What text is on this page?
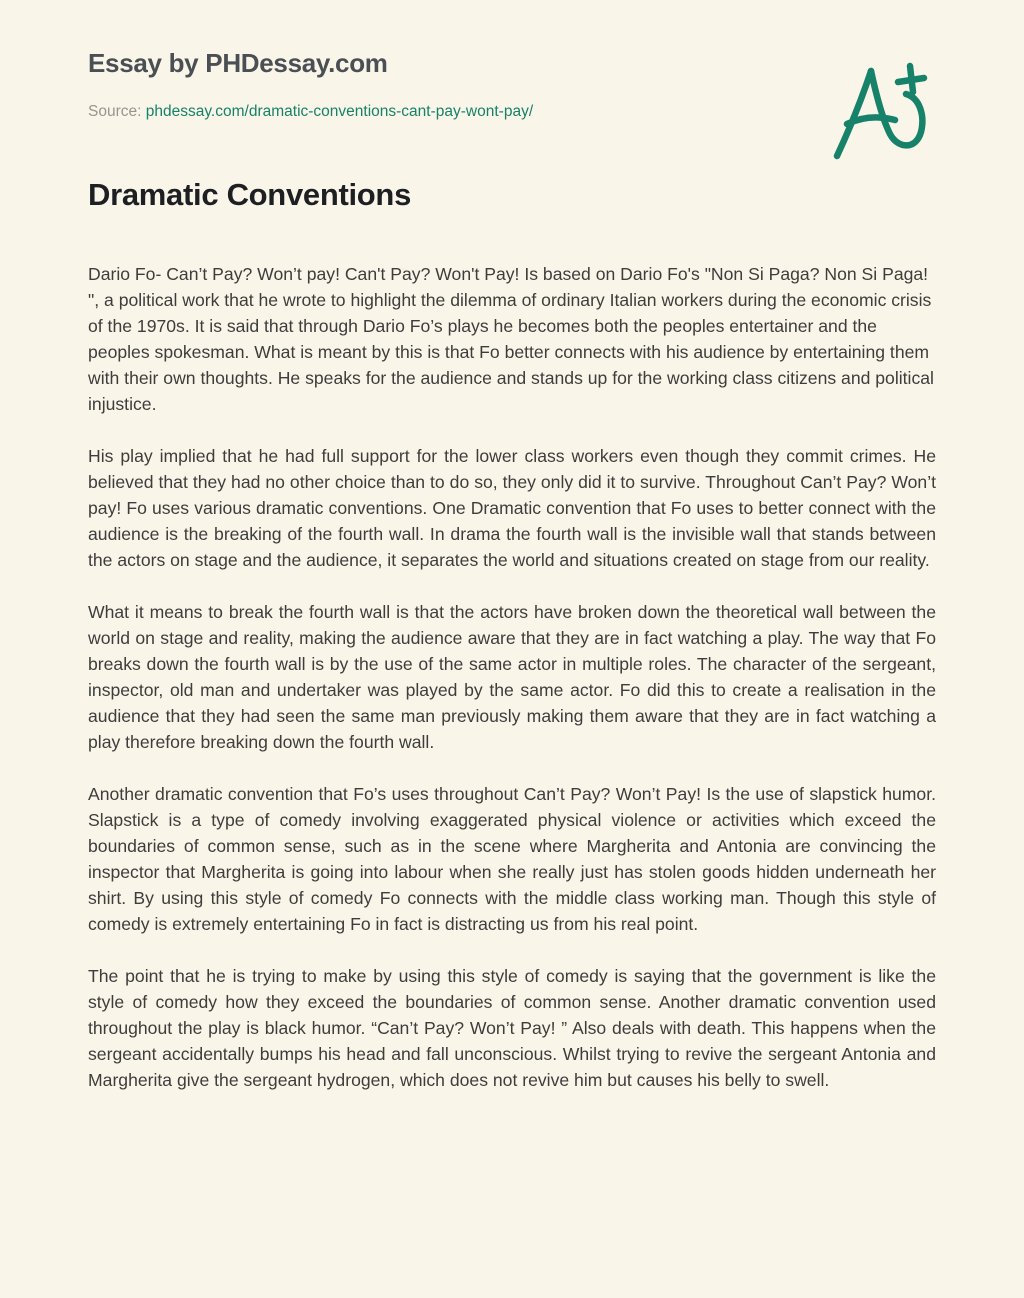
Essay by PHDessay.com
Source: phdessay.com/dramatic-conventions-cant-pay-wont-pay/
Dramatic Conventions

Dario Fo- Can’t Pay? Won’t pay! Can't Pay? Won't Pay! Is based on Dario Fo's "Non Si Paga? Non Si Paga! ", a political work that he wrote to highlight the dilemma of ordinary Italian workers during the economic crisis of the 1970s. It is said that through Dario Fo’s plays he becomes both the peoples entertainer and the peoples spokesman. What is meant by this is that Fo better connects with his audience by entertaining them with their own thoughts. He speaks for the audience and stands up for the working class citizens and political injustice.

His play implied that he had full support for the lower class workers even though they commit crimes. He believed that they had no other choice than to do so, they only did it to survive. Throughout Can’t Pay? Won’t pay! Fo uses various dramatic conventions. One Dramatic convention that Fo uses to better connect with the audience is the breaking of the fourth wall. In drama the fourth wall is the invisible wall that stands between the actors on stage and the audience, it separates the world and situations created on stage from our reality.

What it means to break the fourth wall is that the actors have broken down the theoretical wall between the world on stage and reality, making the audience aware that they are in fact watching a play. The way that Fo breaks down the fourth wall is by the use of the same actor in multiple roles. The character of the sergeant, inspector, old man and undertaker was played by the same actor. Fo did this to create a realisation in the audience that they had seen the same man previously making them aware that they are in fact watching a play therefore breaking down the fourth wall.

Another dramatic convention that Fo’s uses throughout Can’t Pay? Won’t Pay! Is the use of slapstick humor. Slapstick is a type of comedy involving exaggerated physical violence or activities which exceed the boundaries of common sense, such as in the scene where Margherita and Antonia are convincing the inspector that Margherita is going into labour when she really just has stolen goods hidden underneath her shirt. By using this style of comedy Fo connects with the middle class working man. Though this style of comedy is extremely entertaining Fo in fact is distracting us from his real point.

The point that he is trying to make by using this style of comedy is saying that the government is like the style of comedy how they exceed the boundaries of common sense. Another dramatic convention used throughout the play is black humor. “Can’t Pay? Won’t Pay! ” Also deals with death. This happens when the sergeant accidentally bumps his head and fall unconscious. Whilst trying to revive the sergeant Antonia and Margherita give the sergeant hydrogen, which does not revive him but causes his belly to swell.
